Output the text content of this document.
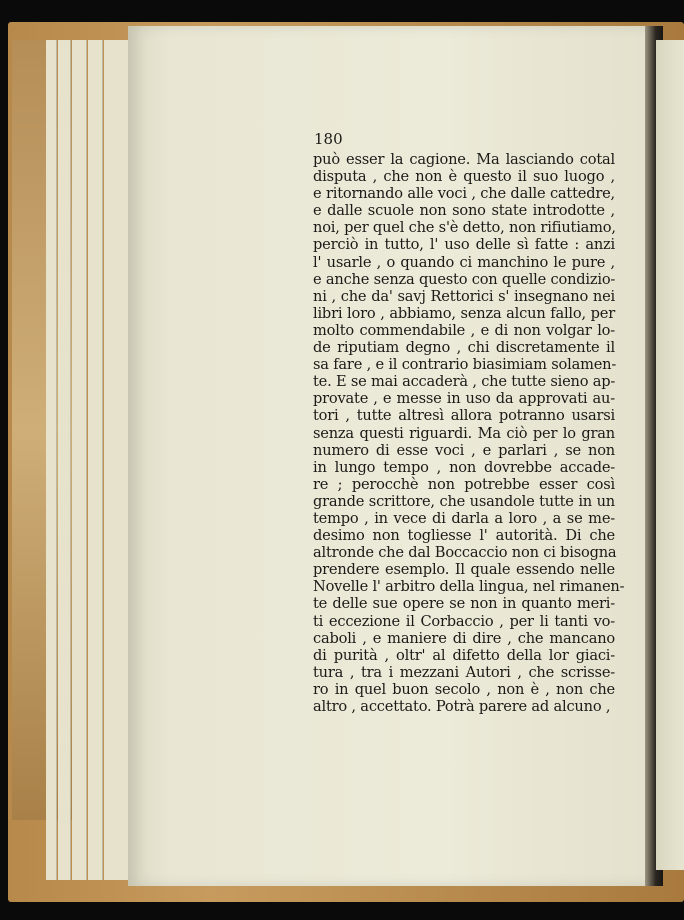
180
può esser la cagione. Ma lasciando cotal
disputa , che non è questo il suo luogo ,
e ritornando alle voci , che dalle cattedre,
e dalle scuole non sono state introdotte ,
noi, per quel che s'è detto, non rifiutiamo,
perciò in tutto, l' uso delle sì fatte : anzi
l' usarle , o quando ci manchino le pure ,
e anche senza questo con quelle condizio-
ni , che da' savj Rettorici s' insegnano nei
libri loro , abbiamo, senza alcun fallo, per
molto commendabile , e di non volgar lo-
de riputiam degno , chi discretamente il
sa fare , e il contrario biasimiam solamen-
te. E se mai accaderà , che tutte sieno ap-
provate , e messe in uso da approvati au-
tori , tutte altresì allora potranno usarsi
senza questi riguardi. Ma ciò per lo gran
numero di esse voci , e parlari , se non
in lungo tempo , non dovrebbe accade-
re ; perocchè non potrebbe esser così
grande scrittore, che usandole tutte in un
tempo , in vece di darla a loro , a se me-
desimo non togliesse l' autorità. Di che
altronde che dal Boccaccio non ci bisogna
prendere esemplo. Il quale essendo nelle
Novelle l' arbitro della lingua, nel rimanen-
te delle sue opere se non in quanto meri-
ti eccezione il Corbaccio , per li tanti vo-
caboli , e maniere di dire , che mancano
di purità , oltr' al difetto della lor giaci-
tura , tra i mezzani Autori , che scrisse-
ro in quel buon secolo , non è , non che
altro , accettato. Potrà parere ad alcuno ,
